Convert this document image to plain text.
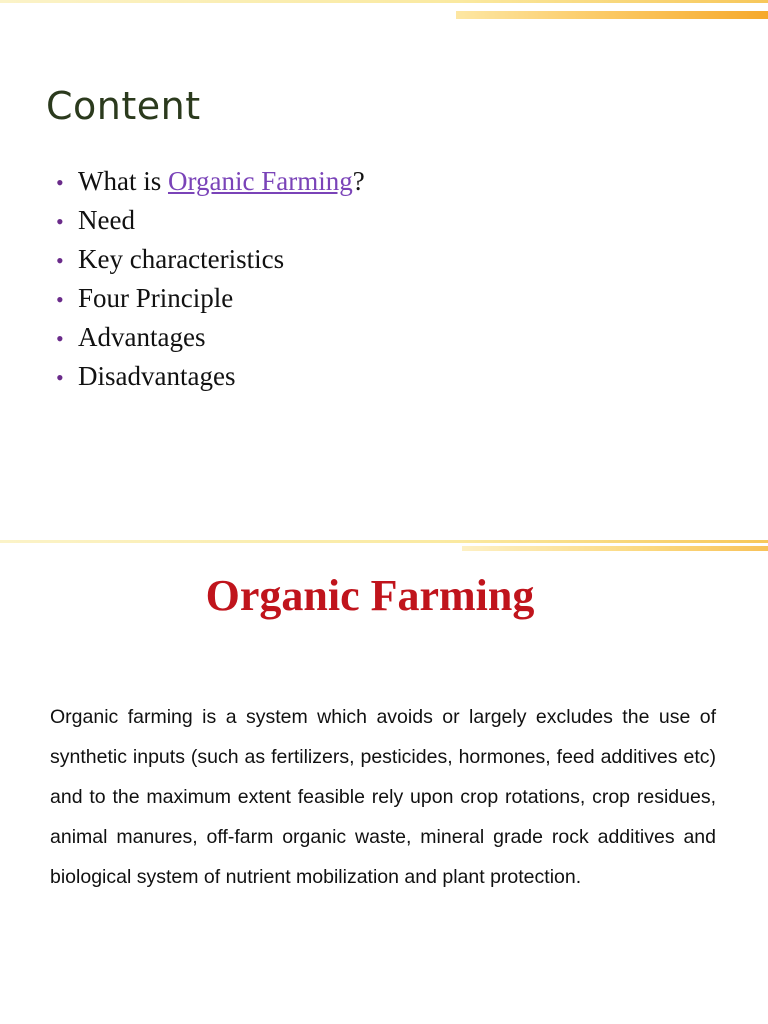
Content
• What is Organic Farming?
• Need
• Key characteristics
• Four Principle
• Advantages
• Disadvantages
Organic Farming

Organic farming is a system which avoids or largely excludes the use of synthetic inputs (such as fertilizers, pesticides, hormones, feed additives etc) and to the maximum extent feasible rely upon crop rotations, crop residues, animal manures, off-farm organic waste, mineral grade rock additives and biological system of nutrient mobilization and plant protection.
